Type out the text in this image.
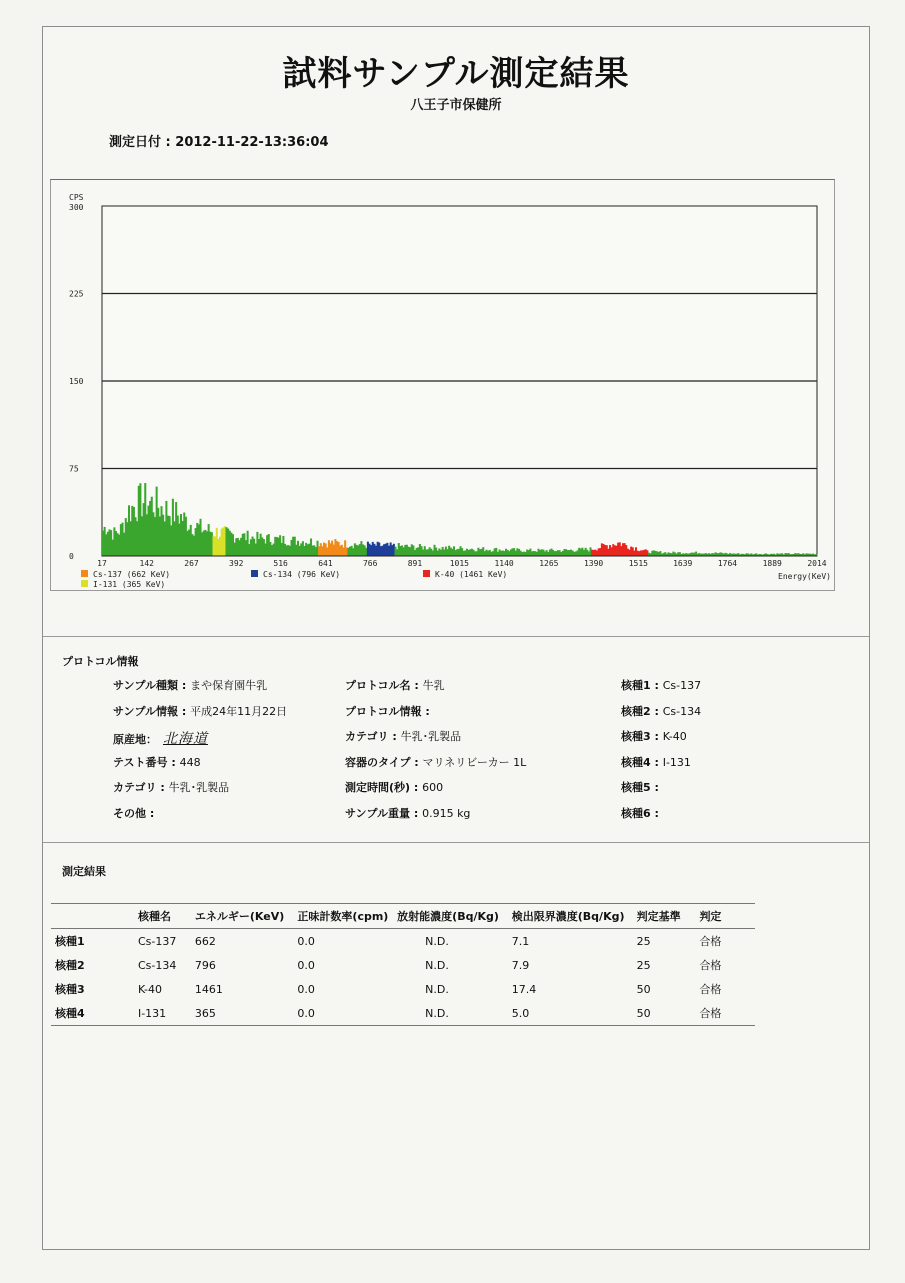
試料サンプル測定結果
八王子市保健所
測定日付 : 2012-11-22-13:36:04
0
75
150
225
300
CPS
17	142	267	392	516	641	766	891	1015	1140	1265	1390	1515	1639	1764	1889	2014
Energy(KeV)
Cs-137 (662 KeV)
I-131 (365 KeV)
Cs-134 (796 KeV)	K-40 (1461 KeV)
プロトコル情報
サンプル種類 : まや保育園牛乳
サンプル情報 : 平成24年11月22日
原産地： 北海道
テスト番号 : 448
カテゴリ : 牛乳･乳製品
その他 :
プロトコル名 : 牛乳
プロトコル情報 :
カテゴリ : 牛乳･乳製品
容器のタイプ : マリネリビーカー 1L
測定時間(秒) : 600
サンプル重量 : 0.915 kg
核種1 : Cs-137
核種2 : Cs-134
核種3 : K-40
核種4 : I-131
核種5 :
核種6 :
測定結果
	核種名	エネルギー(KeV)	正味計数率(cpm)	放射能濃度(Bq/Kg)	検出限界濃度(Bq/Kg)	判定基準	判定
核種1	Cs-137	662	0.0	N.D.	7.1	25	合格
核種2	Cs-134	796	0.0	N.D.	7.9	25	合格
核種3	K-40	1461	0.0	N.D.	17.4	50	合格
核種4	I-131	365	0.0	N.D.	5.0	50	合格
